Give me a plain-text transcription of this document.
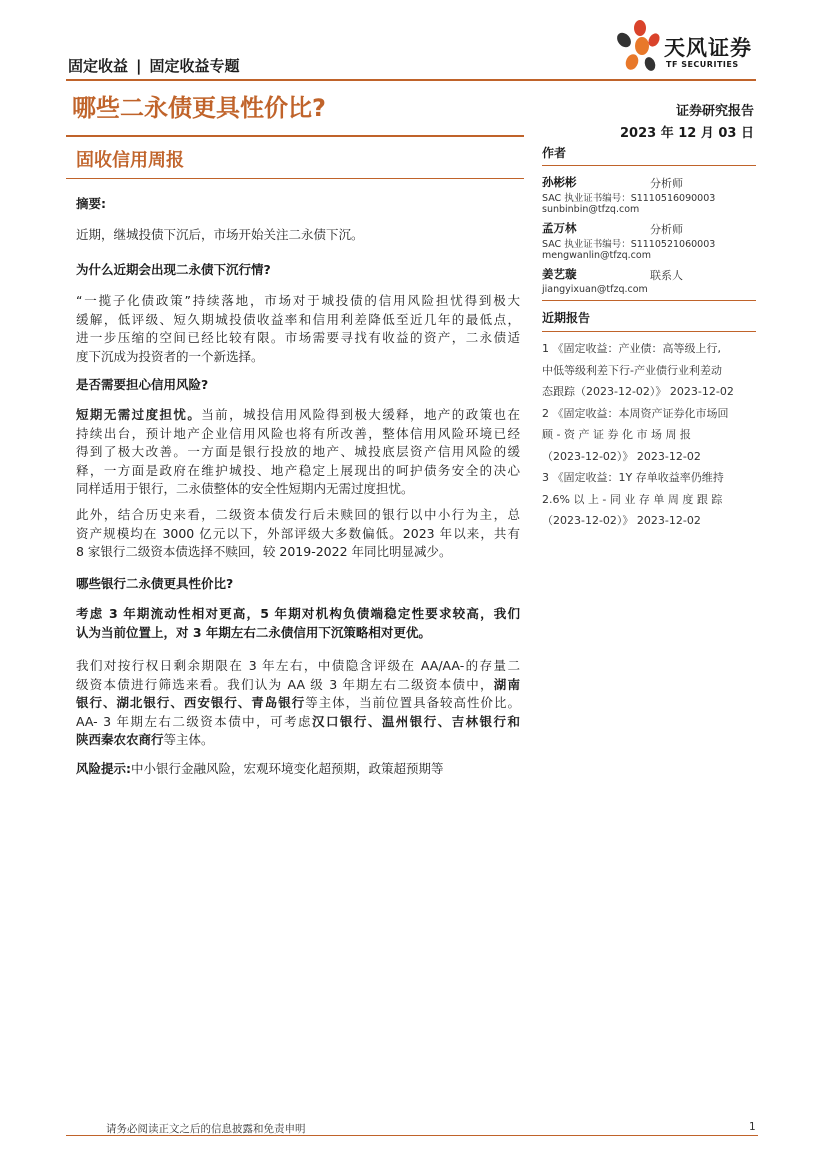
固定收益 | 固定收益专题
天风证券
TF SECURITIES
哪些二永债更具性价比?	证券研究报告
2023 年 12 月 03 日
固收信用周报
摘要:
近期，继城投债下沉后，市场开始关注二永债下沉。
为什么近期会出现二永债下沉行情?
“一揽子化债政策”持续落地，市场对于城投债的信用风险担忧得到极大
缓解，低评级、短久期城投债收益率和信用利差降低至近几年的最低点，
进一步压缩的空间已经比较有限。市场需要寻找有收益的资产，二永债适
度下沉成为投资者的一个新选择。
是否需要担心信用风险?
短期无需过度担忧。当前，城投信用风险得到极大缓释，地产的政策也在
持续出台，预计地产企业信用风险也将有所改善，整体信用风险环境已经
得到了极大改善。一方面是银行投放的地产、城投底层资产信用风险的缓
释，一方面是政府在维护城投、地产稳定上展现出的呵护债务安全的决心
同样适用于银行，二永债整体的安全性短期内无需过度担忧。
此外，结合历史来看，二级资本债发行后未赎回的银行以中小行为主，总
资产规模均在 3000 亿元以下，外部评级大多数偏低。2023 年以来，共有
8 家银行二级资本债选择不赎回，较 2019-2022 年同比明显减少。
哪些银行二永债更具性价比?
考虑 3 年期流动性相对更高，5 年期对机构负债端稳定性要求较高，我们
认为当前位置上，对 3 年期左右二永债信用下沉策略相对更优。
我们对按行权日剩余期限在 3 年左右，中债隐含评级在 AA/AA-的存量二
级资本债进行筛选来看。我们认为 AA 级 3 年期左右二级资本债中，湖南
银行、湖北银行、西安银行、青岛银行等主体，当前位置具备较高性价比。
AA- 3 年期左右二级资本债中，可考虑汉口银行、温州银行、吉林银行和
陕西秦农农商行等主体。
风险提示:中小银行金融风险，宏观环境变化超预期，政策超预期等
作者
孙彬彬	分析师
SAC 执业证书编号：S1110516090003
sunbinbin@tfzq.com
孟万林	分析师
SAC 执业证书编号：S1110521060003
mengwanlin@tfzq.com
姜艺璇	联系人
jiangyixuan@tfzq.com
近期报告
1 《固定收益：产业债：高等级上行,
中低等级利差下行-产业债行业利差动
态跟踪（2023-12-02）》 2023-12-02
2 《固定收益：本周资产证券化市场回
顾 - 资 产 证 券 化 市 场 周 报
（2023-12-02）》 2023-12-02
3 《固定收益：1Y 存单收益率仍维持
2.6% 以 上 - 同 业 存 单 周 度 跟 踪
（2023-12-02）》 2023-12-02
请务必阅读正文之后的信息披露和免责申明	1
